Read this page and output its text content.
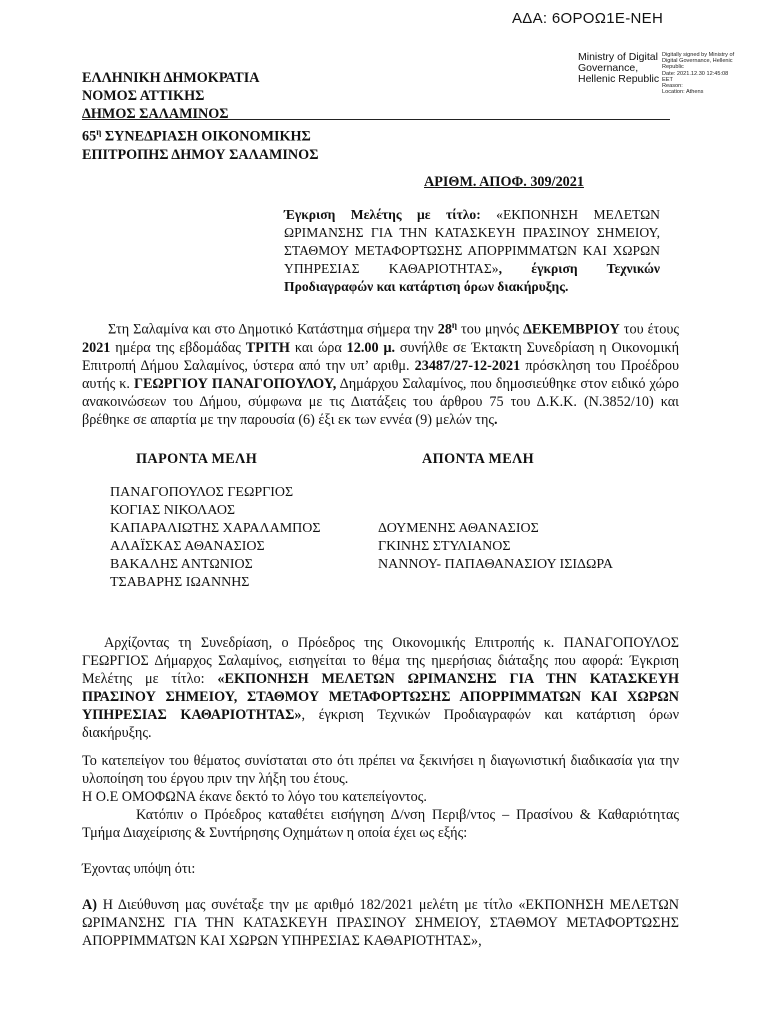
ΑΔΑ: 6ΟΡΟΩ1Ε-ΝΕΗ
Ministry of Digital
Governance,
Hellenic Republic
Digitally signed by Ministry of
Digital Governance, Hellenic
Republic
Date: 2021.12.30 12:45:08
EET
Reason:
Location: Athens
ΕΛΛΗΝΙΚΗ ΔΗΜΟΚΡΑΤΙΑ
ΝΟΜΟΣ ΑΤΤΙΚΗΣ
ΔΗΜΟΣ ΣΑΛΑΜΙΝΟΣ
$65^\eta$ ΣΥΝΕΔΡΙΑΣΗ ΟΙΚΟΝΟΜΙΚΗΣ
ΕΠΙΤΡΟΠΗΣ ΔΗΜΟΥ ΣΑΛΑΜΙΝΟΣ
ΑΡΙΘΜ. ΑΠΟΦ. 309/2021
Έγκριση Μελέτης με τίτλο: «ΕΚΠΟΝΗΣΗ ΜΕΛΕΤΩΝ ΩΡΙΜΑΝΣΗΣ ΓΙΑ ΤΗΝ ΚΑΤΑΣΚΕΥΗ ΠΡΑΣΙΝΟΥ ΣΗΜΕΙΟΥ, ΣΤΑΘΜΟΥ ΜΕΤΑΦΟΡΤΩΣΗΣ ΑΠΟΡΡΙΜΜΑΤΩΝ ΚΑΙ ΧΩΡΩΝ ΥΠΗΡΕΣΙΑΣ ΚΑΘΑΡΙΟΤΗΤΑΣ», έγκριση Τεχνικών Προδιαγραφών και κατάρτιση όρων διακήρυξης.
Στη Σαλαμίνα και στο Δημοτικό Κατάστημα σήμερα την $28^\eta$ του μηνός ΔΕΚΕΜΒΡΙΟΥ του έτους 2021 ημέρα της εβδομάδας ΤΡΙΤΗ και ώρα 12.00 μ. συνήλθε σε Έκτακτη Συνεδρίαση η Οικονομική Επιτροπή Δήμου Σαλαμίνος, ύστερα από την υπ’ αριθμ. 23487/27-12-2021 πρόσκληση του Προέδρου αυτής κ. ΓΕΩΡΓΙΟΥ ΠΑΝΑΓΟΠΟΥΛΟΥ, Δημάρχου Σαλαμίνος, που δημοσιεύθηκε στον ειδικό χώρο ανακοινώσεων του Δήμου, σύμφωνα με τις Διατάξεις του άρθρου 75 του Δ.Κ.Κ. (Ν.3852/10) και βρέθηκε σε απαρτία με την παρουσία (6) έξι εκ των εννέα (9) μελών της.
ΠΑΡΟΝΤΑ ΜΕΛΗ	ΑΠΟΝΤΑ ΜΕΛΗ
ΠΑΝΑΓΟΠΟΥΛΟΣ ΓΕΩΡΓΙΟΣ
ΚΟΓΙΑΣ ΝΙΚΟΛΑΟΣ
ΚΑΠΑΡΑΛΙΩΤΗΣ ΧΑΡΑΛΑΜΠΟΣ
ΑΛΑΪΣΚΑΣ ΑΘΑΝΑΣΙΟΣ
ΒΑΚΑΛΗΣ ΑΝΤΩΝΙΟΣ
ΤΣΑΒΑΡΗΣ ΙΩΑΝΝΗΣ
ΔΟΥΜΕΝΗΣ ΑΘΑΝΑΣΙΟΣ
ΓΚΙΝΗΣ ΣΤΥΛΙΑΝΟΣ
ΝΑΝΝΟΥ- ΠΑΠΑΘΑΝΑΣΙΟΥ ΙΣΙΔΩΡΑ
Αρχίζοντας τη Συνεδρίαση, ο Πρόεδρος της Οικονομικής Επιτροπής κ. ΠΑΝΑΓΟΠΟΥΛΟΣ ΓΕΩΡΓΙΟΣ Δήμαρχος Σαλαμίνος, εισηγείται το θέμα της ημερήσιας διάταξης που αφορά: Έγκριση Μελέτης με τίτλο: «ΕΚΠΟΝΗΣΗ ΜΕΛΕΤΩΝ ΩΡΙΜΑΝΣΗΣ ΓΙΑ ΤΗΝ ΚΑΤΑΣΚΕΥΗ ΠΡΑΣΙΝΟΥ ΣΗΜΕΙΟΥ, ΣΤΑΘΜΟΥ ΜΕΤΑΦΟΡΤΩΣΗΣ ΑΠΟΡΡΙΜΜΑΤΩΝ ΚΑΙ ΧΩΡΩΝ ΥΠΗΡΕΣΙΑΣ ΚΑΘΑΡΙΟΤΗΤΑΣ», έγκριση Τεχνικών Προδιαγραφών και κατάρτιση όρων διακήρυξης.
Το κατεπείγον του θέματος συνίσταται στο ότι πρέπει να ξεκινήσει η διαγωνιστική διαδικασία για την υλοποίηση του έργου πριν την λήξη του έτους.
Η Ο.Ε ΟΜΟΦΩΝΑ έκανε δεκτό το λόγο του κατεπείγοντος.
Κατόπιν ο Πρόεδρος καταθέτει εισήγηση Δ/νση Περιβ/ντος – Πρασίνου & Καθαριότητας Τμήμα Διαχείρισης & Συντήρησης Οχημάτων η οποία έχει ως εξής:
Έχοντας υπόψη ότι:
Α) Η Διεύθυνση μας συνέταξε την με αριθμό 182/2021 μελέτη με τίτλο «ΕΚΠΟΝΗΣΗ ΜΕΛΕΤΩΝ ΩΡΙΜΑΝΣΗΣ ΓΙΑ ΤΗΝ ΚΑΤΑΣΚΕΥΗ ΠΡΑΣΙΝΟΥ ΣΗΜΕΙΟΥ, ΣΤΑΘΜΟΥ ΜΕΤΑΦΟΡΤΩΣΗΣ ΑΠΟΡΡΙΜΜΑΤΩΝ ΚΑΙ ΧΩΡΩΝ ΥΠΗΡΕΣΙΑΣ ΚΑΘΑΡΙΟΤΗΤΑΣ»,
